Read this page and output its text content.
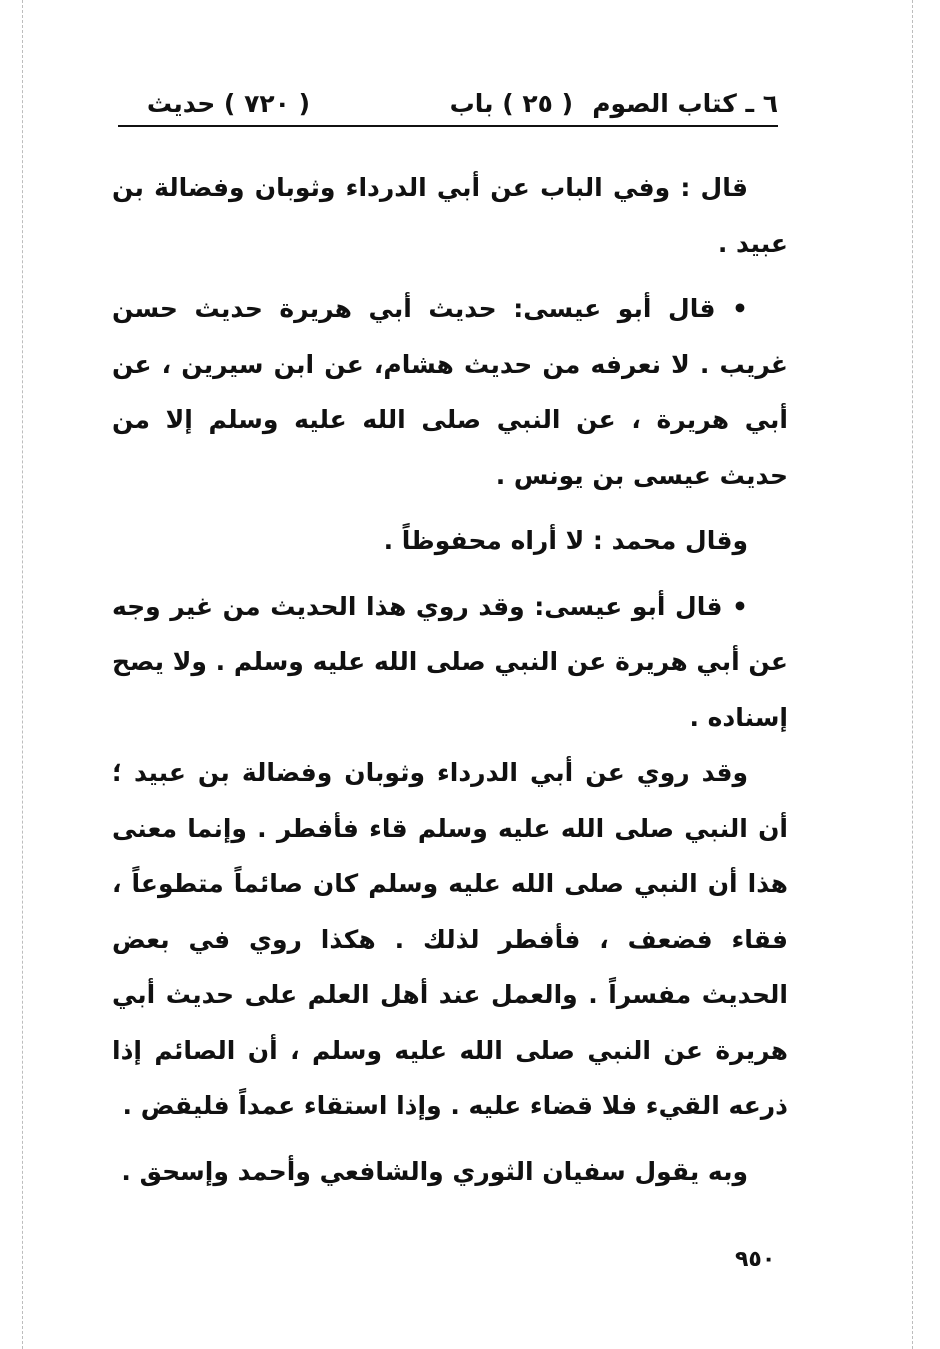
٦ ـ كتاب الصوم
( ٢٥ ) باب
( ٧٢٠ ) حديث

قال : وفي الباب عن أبي الدرداء وثوبان وفضالة بن عبيد .

• قال أبو عيسى: حديث أبي هريرة حديث حسن غريب . لا نعرفه من حديث هشام، عن ابن سيرين ، عن أبي هريرة ، عن النبي صلى الله عليه وسلم إلا من حديث عيسى بن يونس .

وقال محمد : لا أراه محفوظاً .

• قال أبو عيسى: وقد روي هذا الحديث من غير وجه عن أبي هريرة عن النبي صلى الله عليه وسلم . ولا يصح إسناده .

وقد روي عن أبي الدرداء وثوبان وفضالة بن عبيد ؛ أن النبي صلى الله عليه وسلم قاء فأفطر . وإنما معنى هذا أن النبي صلى الله عليه وسلم كان صائماً متطوعاً ، فقاء فضعف ، فأفطر لذلك . هكذا روي في بعض الحديث مفسراً . والعمل عند أهل العلم على حديث أبي هريرة عن النبي صلى الله عليه وسلم ، أن الصائم إذا ذرعه القيء فلا قضاء عليه . وإذا استقاء عمداً فليقض .

وبه يقول سفيان الثوري والشافعي وأحمد وإسحق .

٩٥٠
